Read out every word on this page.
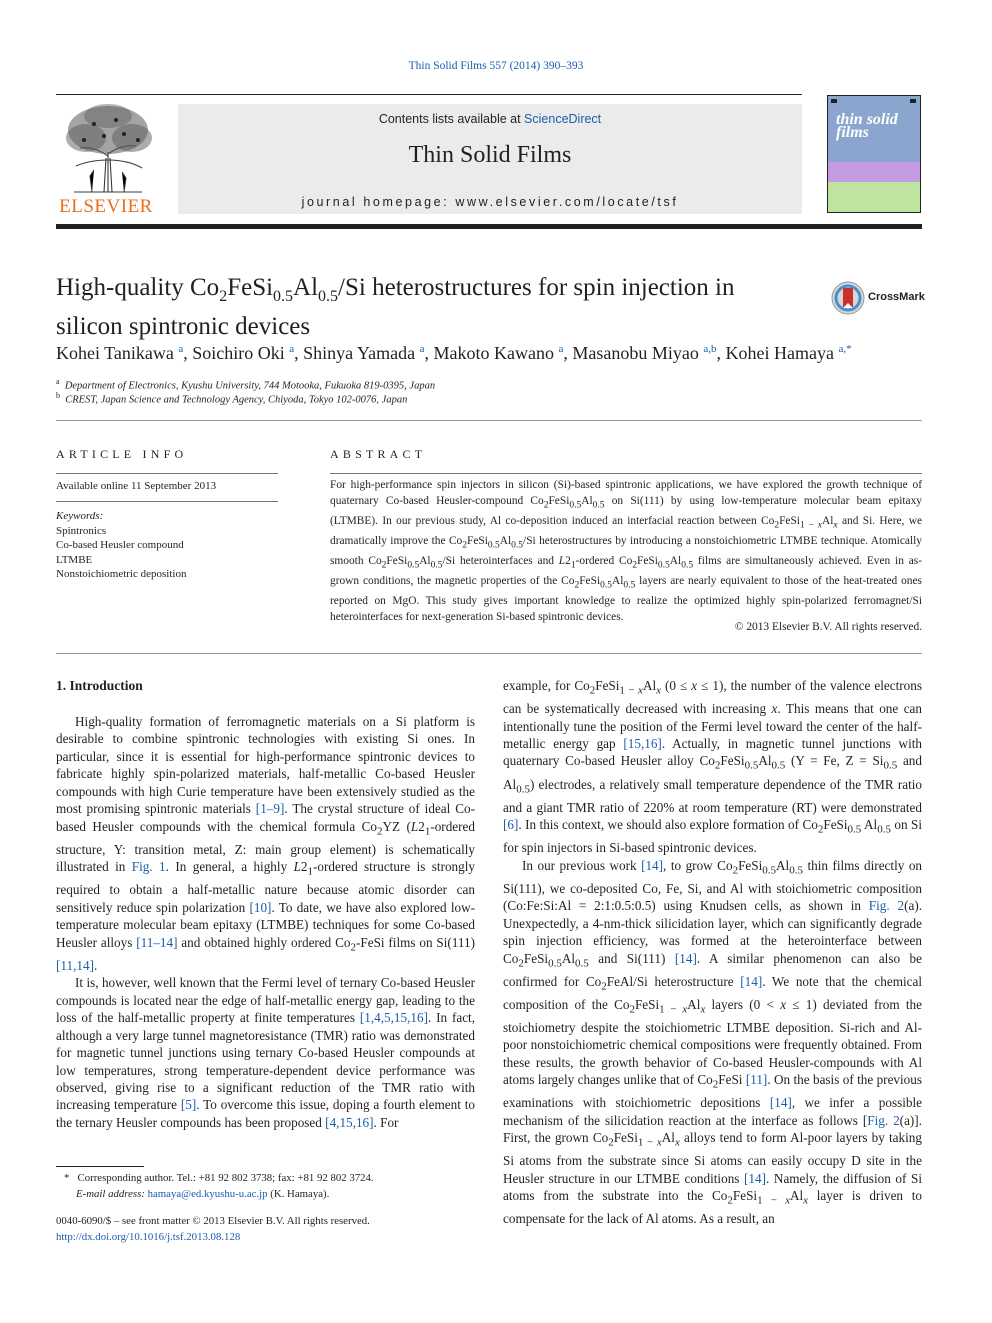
Thin Solid Films 557 (2014) 390–393
ELSEVIER
Contents lists available at ScienceDirect
Thin Solid Films
journal homepage: www.elsevier.com/locate/tsf
thin solid films
High-quality $Co_2FeSi_{0.5}Al_{0.5}/Si$ heterostructures for spin injection in
silicon spintronic devices
CrossMark
Kohei Tanikawa $^a$, Soichiro Oki $^a$, Shinya Yamada $^a$, Makoto Kawano $^a$, Masanobu Miyao $^{a,b}$, Kohei Hamaya $^{a,*}$
$^a$ Department of Electronics, Kyushu University, 744 Motooka, Fukuoka 819-0395, Japan
$^b$ CREST, Japan Science and Technology Agency, Chiyoda, Tokyo 102-0076, Japan
ARTICLE INFO
Available online 11 September 2013
Keywords:
Spintronics
Co-based Heusler compound
LTMBE
Nonstoichiometric deposition
ABSTRACT
For high-performance spin injectors in silicon (Si)-based spintronic applications, we have explored the growth technique of quaternary Co-based Heusler-compound $Co_2FeSi_{0.5}Al_{0.5}$ on Si(111) by using low-temperature molecular beam epitaxy (LTMBE). In our previous study, Al co-deposition induced an interfacial reaction between $Co_2FeSi_{1 - x}Al_x$ and Si. Here, we dramatically improve the $Co_2FeSi_{0.5}Al_{0.5}/Si$ heterostructures by introducing a nonstoichiometric LTMBE technique. Atomically smooth $Co_2FeSi_{0.5}Al_{0.5}/Si$ heterointerfaces and $L2_1$-ordered $Co_2FeSi_{0.5}Al_{0.5}$ films are simultaneously achieved. Even in as-grown conditions, the magnetic properties of the $Co_2FeSi_{0.5}Al_{0.5}$ layers are nearly equivalent to those of the heat-treated ones reported on MgO. This study gives important knowledge to realize the optimized highly spin-polarized ferromagnet/Si heterointerfaces for next-generation Si-based spintronic devices.
© 2013 Elsevier B.V. All rights reserved.
1. Introduction

High-quality formation of ferromagnetic materials on a Si platform is desirable to combine spintronic technologies with existing Si ones. In particular, since it is essential for high-performance spintronic devices to fabricate highly spin-polarized materials, half-metallic Co-based Heusler compounds with high Curie temperature have been extensively studied as the most promising spintronic materials [1–9]. The crystal structure of ideal Co-based Heusler compounds with the chemical formula $Co_2YZ$ ($L2_1$-ordered structure, Y: transition metal, Z: main group element) is schematically illustrated in Fig. 1. In general, a highly $L2_1$-ordered structure is strongly required to obtain a half-metallic nature because atomic disorder can sensitively reduce spin polarization [10]. To date, we have also explored low-temperature molecular beam epitaxy (LTMBE) techniques for some Co-based Heusler alloys [11–14] and obtained highly ordered $Co_2$-FeSi films on Si(111) [11,14].

It is, however, well known that the Fermi level of ternary Co-based Heusler compounds is located near the edge of half-metallic energy gap, leading to the loss of the half-metallic property at finite temperatures [1,4,5,15,16]. In fact, although a very large tunnel magnetoresistance (TMR) ratio was demonstrated for magnetic tunnel junctions using ternary Co-based Heusler compounds at low temperatures, strong temperature-dependent device performance was observed, giving rise to a significant reduction of the TMR ratio with increasing temperature [5]. To overcome this issue, doping a fourth element to the ternary Heusler compounds has been proposed [4,15,16]. For

example, for $Co_2FeSi_{1 - x}Al_x$ (0 ≤ x ≤ 1), the number of the valence electrons can be systematically decreased with increasing x. This means that one can intentionally tune the position of the Fermi level toward the center of the half-metallic energy gap [15,16]. Actually, in magnetic tunnel junctions with quaternary Co-based Heusler alloy $Co_2FeSi_{0.5}Al_{0.5}$ (Y = Fe, $Z = Si_{0.5}$ and $Al_{0.5}$) electrodes, a relatively small temperature dependence of the TMR ratio and a giant TMR ratio of 220% at room temperature (RT) were demonstrated [6]. In this context, we should also explore formation of $Co_2FeSi_{0.5}$ $Al_{0.5}$ on Si for spin injectors in Si-based spintronic devices.

In our previous work [14], to grow $Co_2FeSi_{0.5}Al_{0.5}$ thin films directly on Si(111), we co-deposited Co, Fe, Si, and Al with stoichiometric composition (Co:Fe:Si:Al = 2:1:0.5:0.5) using Knudsen cells, as shown in Fig. 2(a). Unexpectedly, a 4-nm-thick silicidation layer, which can significantly degrade spin injection efficiency, was formed at the heterointerface between $Co_2FeSi_{0.5}Al_{0.5}$ and Si(111) [14]. A similar phenomenon can also be confirmed for $Co_2FeAl/Si$ heterostructure [14]. We note that the chemical composition of the $Co_2FeSi_{1 - x}Al_x$ layers (0 < x ≤ 1) deviated from the stoichiometry despite the stoichiometric LTMBE deposition. Si-rich and Al-poor nonstoichiometric chemical compositions were frequently obtained. From these results, the growth behavior of Co-based Heusler-compounds with Al atoms largely changes unlike that of $Co_2FeSi$ [11]. On the basis of the previous examinations with stoichiometric depositions [14], we infer a possible mechanism of the silicidation reaction at the interface as follows [Fig. 2(a)]. First, the grown $Co_2FeSi_{1 - x}Al_x$ alloys tend to form Al-poor layers by taking Si atoms from the substrate since Si atoms can easily occupy D site in the Heusler structure in our LTMBE conditions [14]. Namely, the diffusion of Si atoms from the substrate into the $Co_2FeSi_{1 - x}Al_x$ layer is driven to compensate for the lack of Al atoms. As a result, an

* Corresponding author. Tel.: +81 92 802 3738; fax: +81 92 802 3724.
E-mail address: hamaya@ed.kyushu-u.ac.jp (K. Hamaya).
0040-6090/$ – see front matter © 2013 Elsevier B.V. All rights reserved.
http://dx.doi.org/10.1016/j.tsf.2013.08.128
